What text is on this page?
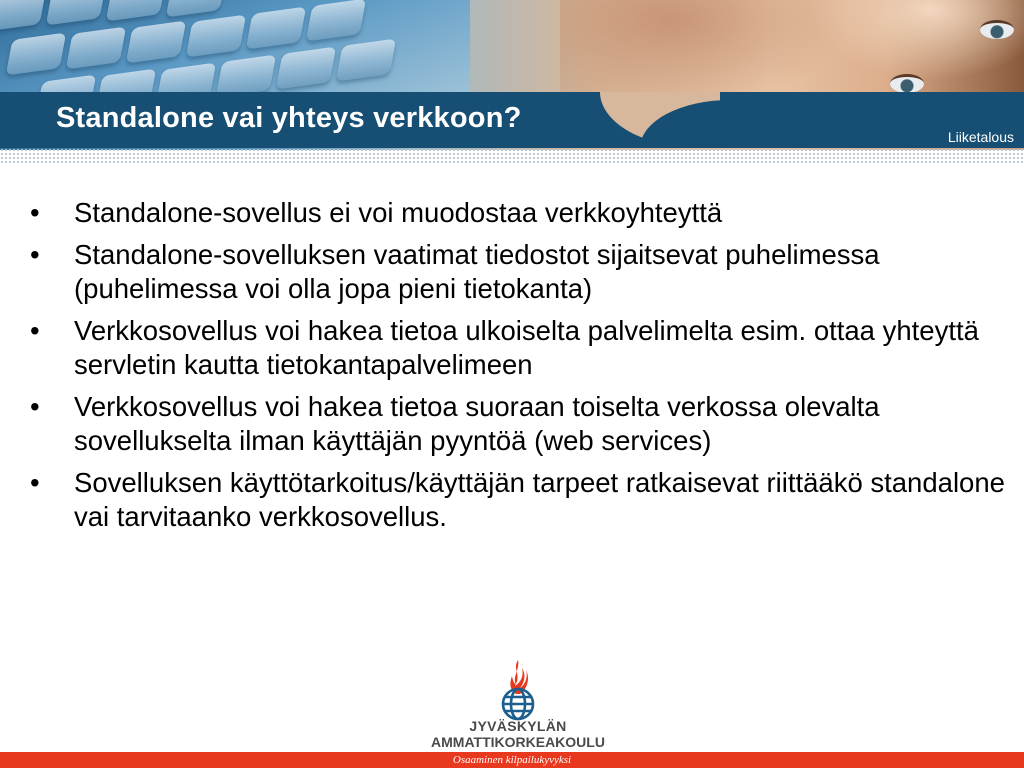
Standalone vai yhteys verkkoon?
Liiketalous
• Standalone-sovellus ei voi muodostaa verkkoyhteyttä
• Standalone-sovelluksen vaatimat tiedostot sijaitsevat puhelimessa (puhelimessa voi olla jopa pieni tietokanta)
• Verkkosovellus voi hakea tietoa ulkoiselta palvelimelta esim. ottaa yhteyttä servletin kautta tietokantapalvelimeen
• Verkkosovellus voi hakea tietoa suoraan toiselta verkossa olevalta sovellukselta ilman käyttäjän pyyntöä (web services)
• Sovelluksen käyttötarkoitus/käyttäjän tarpeet ratkaisevat riittääkö standalone vai tarvitaanko verkkosovellus.
JYVÄSKYLÄN
AMMATTIKORKEAKOULU
Osaaminen kilpailukyvyksi
